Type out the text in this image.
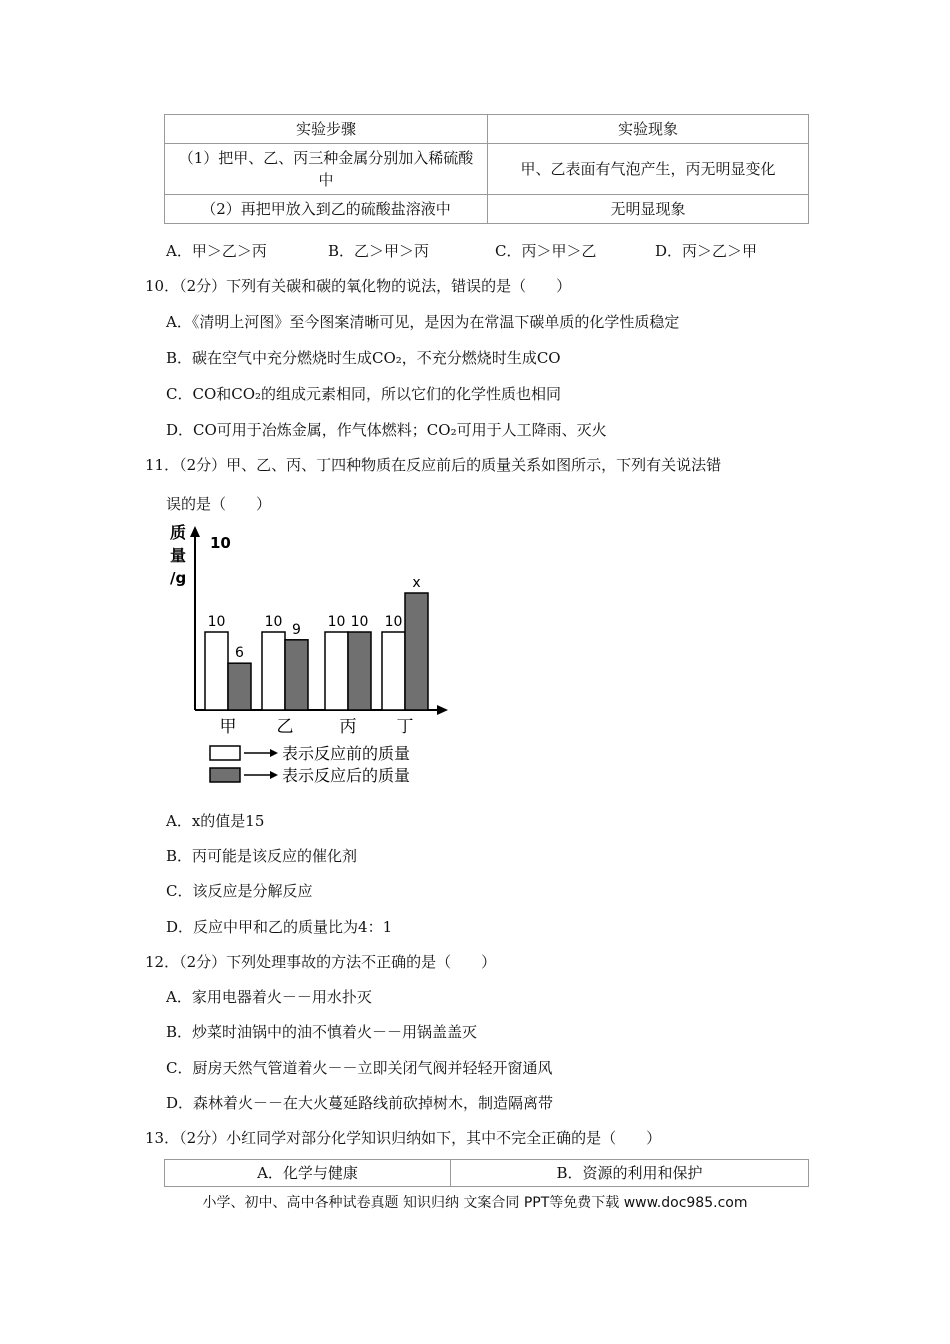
实验步骤	实验现象
（1）把甲、乙、丙三种金属分别加入稀硫酸中	甲、乙表面有气泡产生，丙无明显变化
（2）再把甲放入到乙的硫酸盐溶液中	无明显现象
A．甲＞乙＞丙	B．乙＞甲＞丙	C．丙＞甲＞乙	D．丙＞乙＞甲
10．（2分）下列有关碳和碳的氧化物的说法，错误的是（　　）
A．《清明上河图》至今图案清晰可见，是因为在常温下碳单质的化学性质稳定
B．碳在空气中充分燃烧时生成CO₂，不充分燃烧时生成CO
C．CO和CO₂的组成元素相同，所以它们的化学性质也相同
D．CO可用于冶炼金属，作气体燃料；CO₂可用于人工降雨、灭火
11．（2分）甲、乙、丙、丁四种物质在反应前后的质量关系如图所示，下列有关说法错
误的是（　　）
质
量
/g
10
10
6
甲
10 9
乙
10 10
丙
10
x
丁
表示反应前的质量
表示反应后的质量
A．x的值是15
B．丙可能是该反应的催化剂
C．该反应是分解反应
D．反应中甲和乙的质量比为4：1
12．（2分）下列处理事故的方法不正确的是（　　）
A．家用电器着火－－用水扑灭
B．炒菜时油锅中的油不慎着火－－用锅盖盖灭
C．厨房天然气管道着火－－立即关闭气阀并轻轻开窗通风
D．森林着火－－在大火蔓延路线前砍掉树木，制造隔离带
13．（2分）小红同学对部分化学知识归纳如下，其中不完全正确的是（　　）
A．化学与健康	B．资源的利用和保护
小学、初中、高中各种试卷真题 知识归纳 文案合同 PPT等免费下载 www.doc985.com
